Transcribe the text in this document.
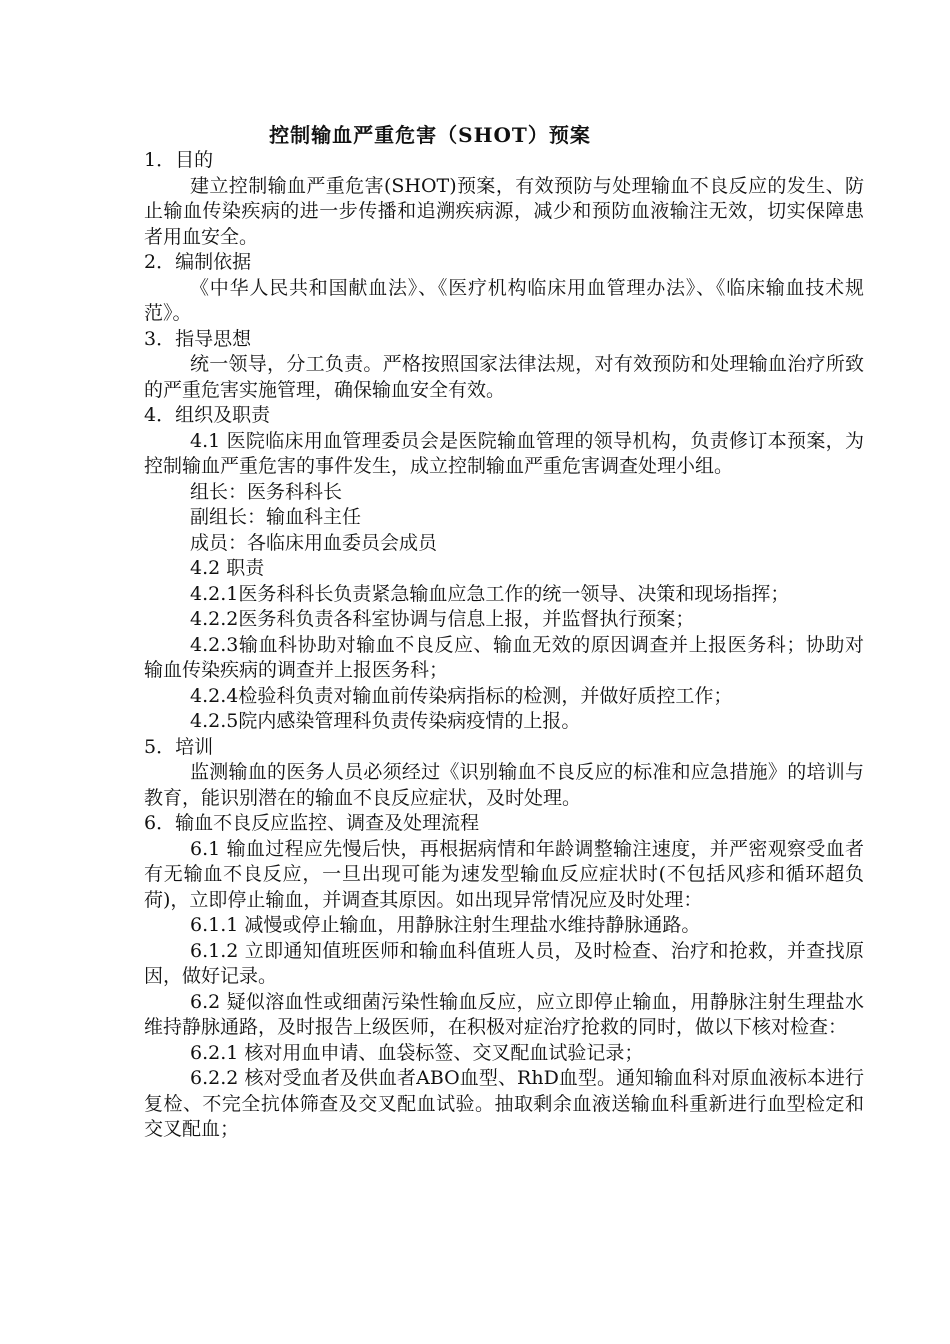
控制输血严重危害（SHOT）预案

1．目的

建立控制输血严重危害(SHOT)预案，有效预防与处理输血不良反应的发生、防止输血传染疾病的进一步传播和追溯疾病源，减少和预防血液输注无效，切实保障患者用血安全。

2．编制依据

《中华人民共和国献血法》、《医疗机构临床用血管理办法》、《临床输血技术规范》。

3．指导思想

统一领导，分工负责。严格按照国家法律法规，对有效预防和处理输血治疗所致的严重危害实施管理，确保输血安全有效。

4．组织及职责

4.1 医院临床用血管理委员会是医院输血管理的领导机构，负责修订本预案，为控制输血严重危害的事件发生，成立控制输血严重危害调查处理小组。

组长：医务科科长

副组长：输血科主任

成员：各临床用血委员会成员

4.2 职责

4.2.1医务科科长负责紧急输血应急工作的统一领导、决策和现场指挥；

4.2.2医务科负责各科室协调与信息上报，并监督执行预案；

4.2.3输血科协助对输血不良反应、输血无效的原因调查并上报医务科；协助对输血传染疾病的调查并上报医务科；

4.2.4检验科负责对输血前传染病指标的检测，并做好质控工作；

4.2.5院内感染管理科负责传染病疫情的上报。

5．培训

监测输血的医务人员必须经过《识别输血不良反应的标准和应急措施》的培训与教育，能识别潜在的输血不良反应症状，及时处理。

6．输血不良反应监控、调查及处理流程

6.1 输血过程应先慢后快，再根据病情和年龄调整输注速度，并严密观察受血者有无输血不良反应，一旦出现可能为速发型输血反应症状时(不包括风疹和循环超负荷)，立即停止输血，并调查其原因。如出现异常情况应及时处理：

6.1.1 减慢或停止输血，用静脉注射生理盐水维持静脉通路。

6.1.2 立即通知值班医师和输血科值班人员，及时检查、治疗和抢救，并查找原因，做好记录。

6.2 疑似溶血性或细菌污染性输血反应，应立即停止输血，用静脉注射生理盐水维持静脉通路，及时报告上级医师，在积极对症治疗抢救的同时，做以下核对检查：

6.2.1 核对用血申请、血袋标签、交叉配血试验记录；

6.2.2 核对受血者及供血者ABO血型、RhD血型。通知输血科对原血液标本进行复检、不完全抗体筛查及交叉配血试验。抽取剩余血液送输血科重新进行血型检定和交叉配血；
